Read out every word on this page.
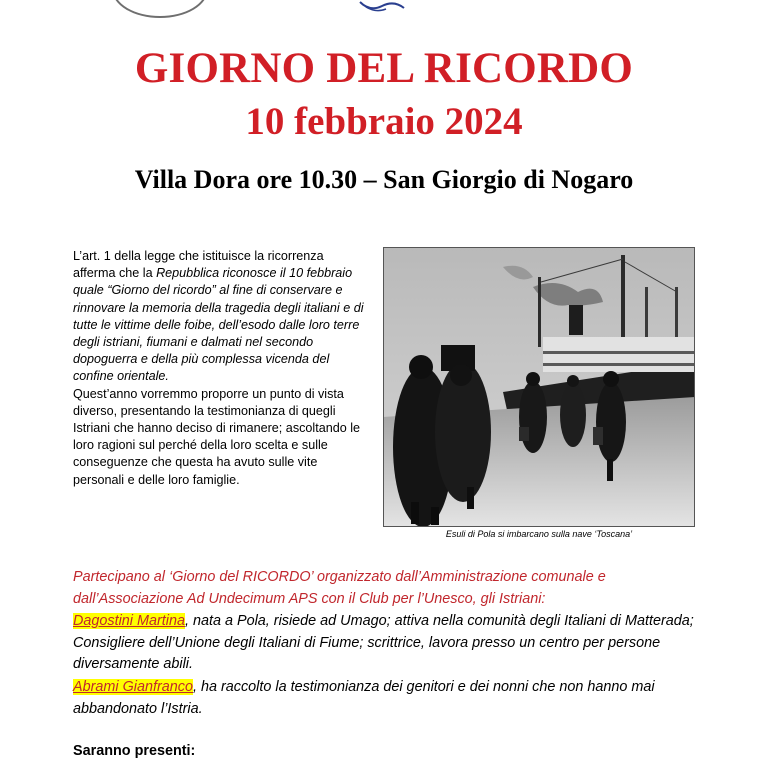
GIORNO DEL RICORDO
10 febbraio 2024
Villa Dora ore 10.30 – San Giorgio di Nogaro

L’art. 1 della legge che istituisce la ricorrenza afferma che la Repubblica riconosce il 10 febbraio quale “Giorno del ricordo” al fine di conservare e rinnovare la memoria della tragedia degli italiani e di tutte le vittime delle foibe, dell’esodo dalle loro terre degli istriani, fiumani e dalmati nel secondo dopoguerra e della più complessa vicenda del confine orientale.

Quest’anno vorremmo proporre un punto di vista diverso, presentando la testimonianza di quegli Istriani che hanno deciso di rimanere; ascoltando le loro ragioni sul perché della loro scelta e sulle conseguenze che questa ha avuto sulle vite personali e delle loro famiglie.

Esuli di Pola si imbarcano sulla nave ‘Toscana’
Partecipano al ‘Giorno del RICORDO’ organizzato dall’Amministrazione comunale e dall’Associazione Ad Undecimum APS con il Club per l’Unesco, gli Istriani:
Dagostini Martina, nata a Pola, risiede ad Umago; attiva nella comunità degli Italiani di Matterada; Consigliere dell’Unione degli Italiani di Fiume; scrittrice, lavora presso un centro per persone diversamente abili.
Abrami Gianfranco, ha raccolto la testimonianza dei genitori e dei nonni che non hanno mai abbandonato l’Istria.
Saranno presenti:
